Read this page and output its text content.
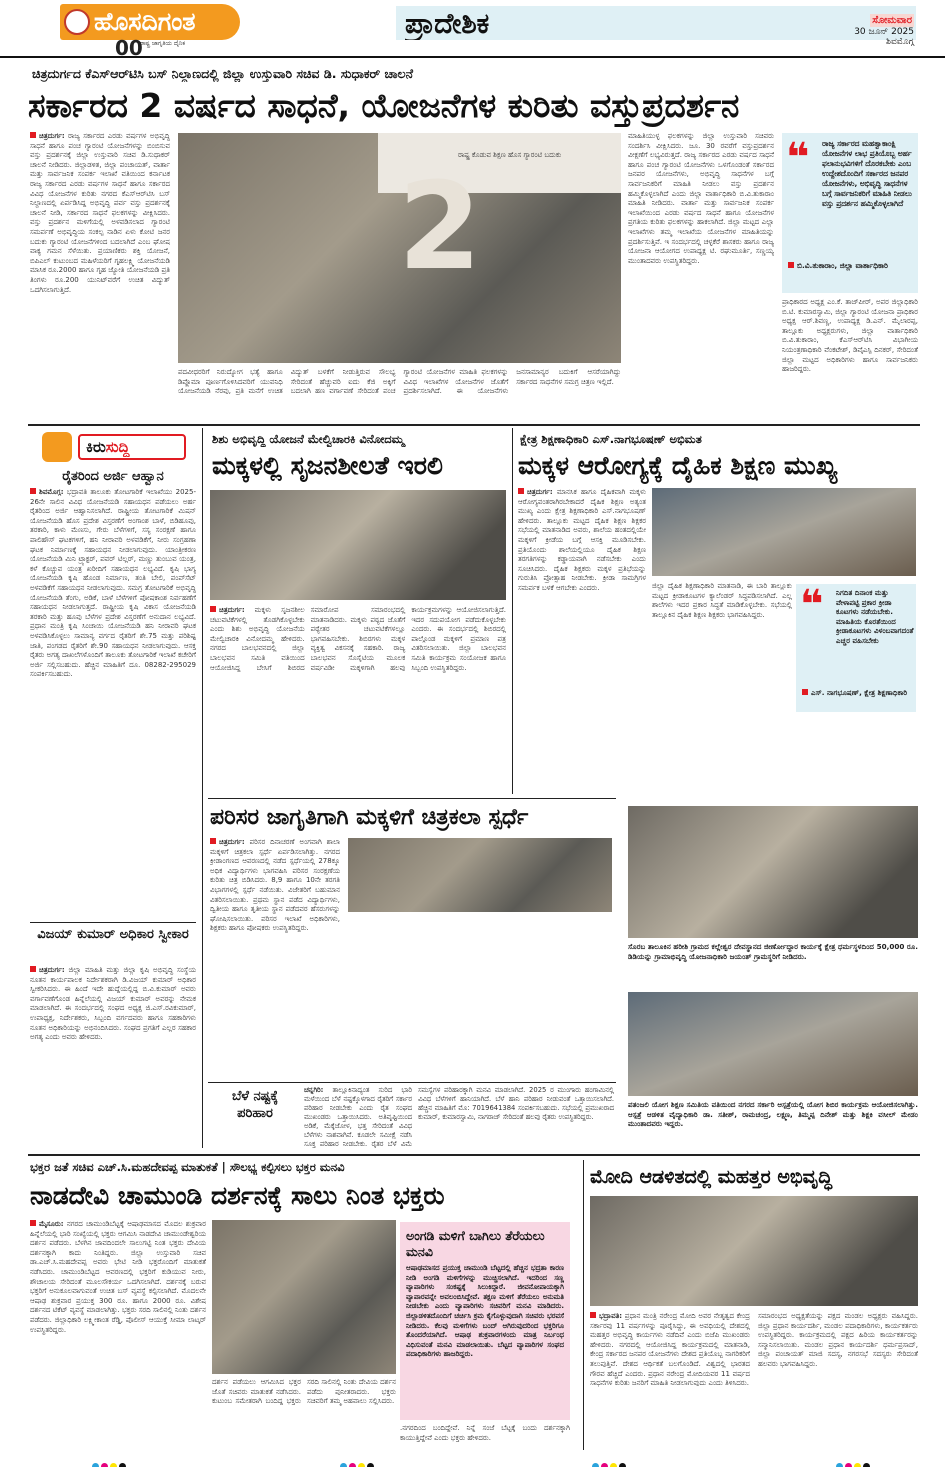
ಹೊಸದಿಗಂತ
ರಾಷ್ಟ್ರ ಜಾಗೃತಿಯ ದೈನಿಕ
00
ಪ್ರಾದೇಶಿಕ	ಸೋಮವಾರ
30 ಜೂನ್ 2025
ಶಿವಮೊಗ್ಗ
ಚಿತ್ರದುರ್ಗದ ಕೆಎಸ್‌ಆರ್‌ಟಿಸಿ ಬಸ್ ನಿಲ್ದಾಣದಲ್ಲಿ ಜಿಲ್ಲಾ ಉಸ್ತುವಾರಿ ಸಚಿವ ಡಿ. ಸುಧಾಕರ್ ಚಾಲನೆ
ಸರ್ಕಾರದ 2 ವರ್ಷದ ಸಾಧನೆ, ಯೋಜನೆಗಳ ಕುರಿತು ವಸ್ತುಪ್ರದರ್ಶನ
ಚಿತ್ರದುರ್ಗ: ರಾಜ್ಯ ಸರ್ಕಾರದ ಎರಡು ವರ್ಷಗಳ ಅಭಿವೃದ್ಧಿ ಸಾಧನೆ ಹಾಗೂ ಪಂಚ ಗ್ಯಾರಂಟಿ ಯೋಜನೆಗಳನ್ನು ಬಿಂಬಿಸುವ ವಸ್ತು ಪ್ರದರ್ಶನಕ್ಕೆ ಜಿಲ್ಲಾ ಉಸ್ತುವಾರಿ ಸಚಿವ ಡಿ.ಸುಧಾಕರ್ ಚಾಲನೆ ನೀಡಿದರು. ಜಿಲ್ಲಾಡಳಿತ, ಜಿಲ್ಲಾ ಪಂಚಾಯತ್, ವಾರ್ತಾ ಮತ್ತು ಸಾರ್ವಜನಿಕ ಸಂಪರ್ಕ ಇಲಾಖೆ ವತಿಯಿಂದ ಕರ್ನಾಟಕ ರಾಜ್ಯ ಸರ್ಕಾರದ ಎರಡು ವರ್ಷಗಳ ಸಾಧನೆ ಹಾಗೂ ಸರ್ಕಾರದ ವಿವಿಧ ಯೋಜನೆಗಳ ಕುರಿತು ನಗರದ ಕೆಎಸ್‌ಆರ್‌ಟಿಸಿ ಬಸ್ ನಿಲ್ದಾಣದಲ್ಲಿ ಏರ್ಪಡಿಸಿದ್ದ ಅಭಿವೃದ್ಧಿ ಪರ್ವ ವಸ್ತು ಪ್ರದರ್ಶನಕ್ಕೆ ಚಾಲನೆ ನೀಡಿ, ಸರ್ಕಾರದ ಸಾಧನೆ ಫಲಕಗಳನ್ನು ವೀಕ್ಷಿಸಿದರು. ವಸ್ತು ಪ್ರದರ್ಶನ ಮಳಿಗೆಯಲ್ಲಿ ಅಳವಡಿಸಲಾದ ಗ್ಯಾರಂಟಿ ಸಮರ್ಪಣೆ ಅಭಿವೃದ್ಧಿಯ ಸಂಕಲ್ಪ ನಾಡಿನ ಏಳು ಕೋಟಿ ಜನರ ಬದುಕು ಗ್ಯಾರಂಟಿ ಯೋಜನೆಗಳಿಂದ ಬದಲಾಗಿದೆ ಎಂಬ ಘೋಷ ವಾಕ್ಯ ಗಮನ ಸೆಳೆಯಿತು. ಪ್ರಯಾಣಿಕರು ಶಕ್ತಿ ಯೋಜನೆ, ಬಿಪಿಎಲ್ ಕುಟುಂಬದ ಮಹಿಳೆಯರಿಗೆ ಗೃಹಲಕ್ಷ್ಮಿ ಯೋಜನೆಯಡಿ ಮಾಸಿಕ ರೂ.2000 ಹಾಗೂ ಗೃಹ ಜ್ಯೋತಿ ಯೋಜನೆಯಡಿ ಪ್ರತಿ ತಿಂಗಳು ರೂ.200 ಯುನಿಟ್‌ವರೆಗೆ ಉಚಿತ ವಿದ್ಯುತ್ ಒದಗಿಸಲಾಗುತ್ತಿದೆ.
ರಾಷ್ಟ್ರ ಕೊಡುವ ಶಿಕ್ಷಣ ಹೊಸ ಗ್ಯಾರಂಟಿ ಬದುಕು
2
ಪದವೀಧರರಿಗೆ ನಿರುದ್ಯೋಗ ಭತ್ಯೆ ಹಾಗೂ ಡಿಪ್ಲೊಮಾ ಪೂರ್ಣಗೊಳಿಸಿದವರಿಗೆ ಯುವನಿಧಿ ಯೋಜನೆಯಡಿ ನೆರವು, ಪ್ರತಿ ಮನೆಗೆ ಉಚಿತ ವಿದ್ಯುತ್ ಬಳಕೆಗೆ ನೀಡುತ್ತಿರುವ ಸೌಲಭ್ಯ ಸೇರಿದಂತೆ ಹೆಚ್ಚುವರಿ ಐದು ಕೆಜಿ ಅಕ್ಕಿಗೆ ಬದಲಾಗಿ ಹಣ ವರ್ಗಾವಣೆ ಸೇರಿದಂತೆ ಪಂಚ ಗ್ಯಾರಂಟಿ ಯೋಜನೆಗಳ ಮಾಹಿತಿ ಫಲಕಗಳನ್ನು ವಿವಿಧ ಇಲಾಖೆಗಳ ಯೋಜನೆಗಳ ಜೊತೆಗೆ ಪ್ರದರ್ಶಿಸಲಾಗಿದೆ. ಈ ಯೋಜನೆಗಳು ಜನಸಾಮಾನ್ಯರ ಬದುಕಿಗೆ ಆಸರೆಯಾಗಿದ್ದು ಸರ್ಕಾರದ ಸಾಧನೆಗಳ ಸಮಗ್ರ ಚಿತ್ರಣ ಇಲ್ಲಿದೆ.
ಮಾಹಿತಿಯುಳ್ಳ ಫಲಕಗಳನ್ನು ಜಿಲ್ಲಾ ಉಸ್ತುವಾರಿ ಸಚಿವರು ಸಂದರ್ಶಿಸಿ ವೀಕ್ಷಿಸಿದರು. ಜೂ. 30 ರವರೆಗೆ ವಸ್ತುಪ್ರದರ್ಶನ ವೀಕ್ಷಣೆಗೆ ಲಭ್ಯವಿರುತ್ತದೆ. ರಾಜ್ಯ ಸರ್ಕಾರದ ಎರಡು ವರ್ಷದ ಸಾಧನೆ ಹಾಗೂ ಪಂಚ ಗ್ಯಾರಂಟಿ ಯೋಜನೆಗಳು ಒಳಗೊಂಡಂತೆ ಸರ್ಕಾರದ ಜನಪರ ಯೋಜನೆಗಳು, ಅಭಿವೃದ್ಧಿ ಸಾಧನೆಗಳ ಬಗ್ಗೆ ಸಾರ್ವಜನಿಕರಿಗೆ ಮಾಹಿತಿ ನೀಡಲು ವಸ್ತು ಪ್ರದರ್ಶನ ಹಮ್ಮಿಕೊಳ್ಳಲಾಗಿದೆ ಎಂದು ಜಿಲ್ಲಾ ವಾರ್ತಾಧಿಕಾರಿ ಬಿ.ವಿ.ತುಕಾರಾಂ ಮಾಹಿತಿ ನೀಡಿದರು. ವಾರ್ತಾ ಮತ್ತು ಸಾರ್ವಜನಿಕ ಸಂಪರ್ಕ ಇಲಾಖೆಯಿಂದ ಎರಡು ವರ್ಷದ ಸಾಧನೆ ಹಾಗೂ ಯೋಜನೆಗಳ ಪ್ರಗತಿಯ ಕುರಿತು ಫಲಕಗಳನ್ನು ಹಾಕಲಾಗಿದೆ. ಜಿಲ್ಲಾ ಮಟ್ಟದ ಎಲ್ಲಾ ಇಲಾಖೆಗಳು ತಮ್ಮ ಇಲಾಖೆಯ ಯೋಜನೆಗಳ ಮಾಹಿತಿಯನ್ನು ಪ್ರದರ್ಶಿಸುತ್ತಿವೆ. ಇ ಸಂದರ್ಭದಲ್ಲಿ ಚಳ್ಳಕೆರೆ ಶಾಸಕರು ಹಾಗೂ ರಾಜ್ಯ ಯೋಜನಾ ಆಯೋಗದ ಉಪಾಧ್ಯಕ್ಷ ಟಿ. ರಘುಮೂರ್ತಿ, ಸಣ್ಣಯ್ಯ ಮುಂತಾದವರು ಉಪಸ್ಥಿತರಿದ್ದರು.
❝ ರಾಜ್ಯ ಸರ್ಕಾರದ ಮಹತ್ವಾಕಾಂಕ್ಷಿ ಯೋಜನೆಗಳ ಲಾಭ ಪ್ರತಿಯೊಬ್ಬ ಅರ್ಹ ಫಲಾನುಭವಿಗಳಿಗೆ ದೊರಕಬೇಕು ಎಂಬ ಉದ್ದೇಶದೊಂದಿಗೆ ಸರ್ಕಾರದ ಜನಪರ ಯೋಜನೆಗಳು, ಅಭಿವೃದ್ಧಿ ಸಾಧನೆಗಳ ಬಗ್ಗೆ ಸಾರ್ವಜನಿಕರಿಗೆ ಮಾಹಿತಿ ನೀಡಲು ವಸ್ತು ಪ್ರದರ್ಶನ ಹಮ್ಮಿಕೊಳ್ಳಲಾಗಿದೆ
ಬಿ.ವಿ.ತುಕಾರಾಂ, ಜಿಲ್ಲಾ ವಾರ್ತಾಧಿಕಾರಿ
ಪ್ರಾಧಿಕಾರದ ಅಧ್ಯಕ್ಷ ಎಂ.ಕೆ. ತಾಜ್‌ಪೀರ್, ಅಪರ ಜಿಲ್ಲಾಧಿಕಾರಿ ಬಿ.ಟಿ. ಕುಮಾರಸ್ವಾಮಿ, ಜಿಲ್ಲಾ ಗ್ಯಾರಂಟಿ ಯೋಜನಾ ಪ್ರಾಧಿಕಾರ ಅಧ್ಯಕ್ಷ ಆರ್.ಶಿವಣ್ಣ, ಉಪಾಧ್ಯಕ್ಷ ಡಿ.ಎನ್. ಮೈಲಾರಪ್ಪ, ತಾಲ್ಲೂಕು ಅಧ್ಯಕ್ಷರುಗಳು, ಜಿಲ್ಲಾ ವಾರ್ತಾಧಿಕಾರಿ ಬಿ.ವಿ.ತುಕಾರಾಂ, ಕೆಎಸ್‌ಆರ್‌ಟಿಸಿ ವಿಭಾಗೀಯ ನಿಯಂತ್ರಣಾಧಿಕಾರಿ ವೆಂಕಟೇಶ್, ಡಿವೈಎಸ್ಪಿ ದಿನಕರ್, ಸೇರಿದಂತೆ ಜಿಲ್ಲಾ ಮಟ್ಟದ ಅಧಿಕಾರಿಗಳು ಹಾಗೂ ಸಾರ್ವಜನಿಕರು ಹಾಜರಿದ್ದರು.
ಕಿರುಸುದ್ದಿ
ರೈತರಿಂದ ಅರ್ಜಿ ಆಹ್ವಾನ
ಶಿವಮೊಗ್ಗ: ಭದ್ರಾವತಿ ತಾಲೂಕು ತೋಟಗಾರಿಕೆ ಇಲಾಖೆಯು 2025-26ನೇ ಸಾಲಿನ ವಿವಿಧ ಯೋಜನೆಯಡಿ ಸಹಾಯಧನ ಪಡೆಯಲು ಅರ್ಹ ರೈತರಿಂದ ಅರ್ಜಿ ಆಹ್ವಾನಿಸಲಾಗಿದೆ. ರಾಷ್ಟ್ರೀಯ ತೋಟಗಾರಿಕೆ ಮಿಷನ್ ಯೋಜನೆಯಡಿ ಹೊಸ ಪ್ರದೇಶ ವಿಸ್ತರಣೆಗೆ ಅಂಗಾಂಶ ಬಾಳೆ, ಬಿಡಿಹೂವು, ತರಕಾರಿ, ಕಾಳು ಮೆಣಸು, ಗೇರು ಬೆಳೆಗಳಿಗೆ, ಸಸ್ಯ ಸಂರಕ್ಷಣೆ ಹಾಗೂ ಪಾಲಿಹೌಸ್ ಘಟಕಗಳಿಗೆ, ಹನಿ ನೀರಾವರಿ ಅಳವಡಿಕೆಗೆ, ನೀರು ಸಂಗ್ರಹಣಾ ಘಟಕ ನಿರ್ಮಾಣಕ್ಕೆ ಸಹಾಯಧನ ನೀಡಲಾಗುವುದು. ಯಾಂತ್ರೀಕರಣ ಯೋಜನೆಯಡಿ ಮಿನಿ ಟ್ರ್ಯಾಕ್ಟರ್, ಪವರ್ ಟಿಲ್ಲರ್, ಮಣ್ಣು ತುಂಬುವ ಯಂತ್ರ, ಕಳೆ ಕೊಚ್ಚುವ ಯಂತ್ರ ಖರೀದಿಗೆ ಸಹಾಯಧನ ಲಭ್ಯವಿದೆ. ಕೃಷಿ ಭಾಗ್ಯ ಯೋಜನೆಯಡಿ ಕೃಷಿ ಹೊಂಡ ನಿರ್ಮಾಣ, ತಂತಿ ಬೇಲಿ, ಪಂಪ್‌ಸೆಟ್ ಅಳವಡಿಕೆಗೆ ಸಹಾಯಧನ ನೀಡಲಾಗುವುದು. ಸಮಗ್ರ ತೋಟಗಾರಿಕೆ ಅಭಿವೃದ್ಧಿ ಯೋಜನೆಯಡಿ ತೆಂಗು, ಅಡಿಕೆ, ಬಾಳೆ ಬೆಳೆಗಳಿಗೆ ಪೋಷಕಾಂಶ ನಿರ್ವಹಣೆಗೆ ಸಹಾಯಧನ ನೀಡಲಾಗುತ್ತದೆ. ರಾಷ್ಟ್ರೀಯ ಕೃಷಿ ವಿಕಾಸ ಯೋಜನೆಯಡಿ ತರಕಾರಿ ಮತ್ತು ಹೂವು ಬೆಳೆಗಳ ಪ್ರದೇಶ ವಿಸ್ತರಣೆಗೆ ಅನುದಾನ ಲಭ್ಯವಿದೆ. ಪ್ರಧಾನ ಮಂತ್ರಿ ಕೃಷಿ ಸಿಂಚಾಯಿ ಯೋಜನೆಯಡಿ ಹನಿ ನೀರಾವರಿ ಘಟಕ ಅಳವಡಿಸಿಕೊಳ್ಳಲು ಸಾಮಾನ್ಯ ವರ್ಗದ ರೈತರಿಗೆ ಶೇ.75 ಮತ್ತು ಪರಿಶಿಷ್ಟ ಜಾತಿ, ಪಂಗಡದ ರೈತರಿಗೆ ಶೇ.90 ಸಹಾಯಧನ ನೀಡಲಾಗುವುದು. ಆಸಕ್ತ ರೈತರು ಅಗತ್ಯ ದಾಖಲೆಗಳೊಂದಿಗೆ ತಾಲೂಕು ತೋಟಗಾರಿಕೆ ಇಲಾಖೆ ಕಚೇರಿಗೆ ಅರ್ಜಿ ಸಲ್ಲಿಸಬಹುದು. ಹೆಚ್ಚಿನ ಮಾಹಿತಿಗೆ ದೂ. 08282-295029 ಸಂಪರ್ಕಿಸಬಹುದು.
ವಿಜಯ್ ಕುಮಾರ್ ಅಧಿಕಾರ ಸ್ವೀಕಾರ
ಚಿತ್ರದುರ್ಗ: ಜಿಲ್ಲಾ ಮಾಹಿತಿ ಮತ್ತು ಜಿಲ್ಲಾ ಕೃಷಿ ಅಭಿವೃದ್ಧಿ ಸಂಸ್ಥೆಯ ನೂತನ ಕಾರ್ಯಪಾಲಕ ನಿರ್ದೇಶಕರಾಗಿ ಡಿ.ವಿಜಯ್ ಕುಮಾರ್ ಅಧಿಕಾರ ಸ್ವೀಕರಿಸಿದರು. ಈ ಹಿಂದೆ ಇದೇ ಹುದ್ದೆಯಲ್ಲಿದ್ದ ಬಿ.ವಿ.ಕುಮಾರ್ ಅವರು ವರ್ಗಾವಣೆಗೊಂಡ ಹಿನ್ನೆಲೆಯಲ್ಲಿ ವಿಜಯ್ ಕುಮಾರ್ ಅವರನ್ನು ನೇಮಕ ಮಾಡಲಾಗಿದೆ. ಈ ಸಂದರ್ಭದಲ್ಲಿ ಸಂಘದ ಅಧ್ಯಕ್ಷ ಜಿ.ಎಸ್.ರವಿಕುಮಾರ್, ಉಪಾಧ್ಯಕ್ಷ, ನಿರ್ದೇಶಕರು, ಸಿಬ್ಬಂದಿ ವರ್ಗದವರು ಹಾಗೂ ಸಹಕಾರಿಗಳು ನೂತನ ಅಧಿಕಾರಿಯನ್ನು ಅಭಿನಂದಿಸಿದರು. ಸಂಘದ ಪ್ರಗತಿಗೆ ಎಲ್ಲರ ಸಹಕಾರ ಅಗತ್ಯ ಎಂದು ಅವರು ಹೇಳಿದರು.
ಶಿಶು ಅಭಿವೃದ್ಧಿ ಯೋಜನೆ ಮೇಲ್ವಿಚಾರಕಿ ವಿನೋದಮ್ಮ
ಮಕ್ಕಳಲ್ಲಿ ಸೃಜನಶೀಲತೆ ಇರಲಿ
ಚಿತ್ರದುರ್ಗ: ಮಕ್ಕಳು ಸೃಜನಶೀಲ ಚಟುವಟಿಕೆಗಳಲ್ಲಿ ತೊಡಗಿಕೊಳ್ಳಬೇಕು ಎಂದು ಶಿಶು ಅಭಿವೃದ್ಧಿ ಯೋಜನೆಯ ಮೇಲ್ವಿಚಾರಕಿ ವಿನೋದಮ್ಮ ಹೇಳಿದರು. ನಗರದ ಬಾಲಭವನದಲ್ಲಿ ಜಿಲ್ಲಾ ಬಾಲಭವನ ಸಮಿತಿ ವತಿಯಿಂದ ಆಯೋಜಿಸಿದ್ದ ಬೇಸಿಗೆ ಶಿಬಿರದ ಸಮಾರೋಪ ಸಮಾರಂಭದಲ್ಲಿ ಮಾತನಾಡಿದರು. ಮಕ್ಕಳು ಪಠ್ಯದ ಜೊತೆಗೆ ಪಠ್ಯೇತರ ಚಟುವಟಿಕೆಗಳಲ್ಲೂ ಭಾಗವಹಿಸಬೇಕು. ಶಿಬಿರಗಳು ಮಕ್ಕಳ ವ್ಯಕ್ತಿತ್ವ ವಿಕಸನಕ್ಕೆ ಸಹಕಾರಿ. ರಾಜ್ಯ ಬಾಲಭವನ ಸೊಸೈಟಿಯ ಮೂಲಕ ವರ್ಷವಿಡೀ ಮಕ್ಕಳಿಗಾಗಿ ಹಲವು ಕಾರ್ಯಕ್ರಮಗಳನ್ನು ಆಯೋಜಿಸಲಾಗುತ್ತಿದೆ. ಇದರ ಸದುಪಯೋಗ ಪಡೆದುಕೊಳ್ಳಬೇಕು ಎಂದರು. ಈ ಸಂದರ್ಭದಲ್ಲಿ ಶಿಬಿರದಲ್ಲಿ ಪಾಲ್ಗೊಂಡ ಮಕ್ಕಳಿಗೆ ಪ್ರಮಾಣ ಪತ್ರ ವಿತರಿಸಲಾಯಿತು. ಜಿಲ್ಲಾ ಬಾಲಭವನ ಸಮಿತಿ ಕಾರ್ಯಕ್ರಮ ಸಂಯೋಜಕ ಹಾಗೂ ಸಿಬ್ಬಂದಿ ಉಪಸ್ಥಿತರಿದ್ದರು.
ಕ್ಷೇತ್ರ ಶಿಕ್ಷಣಾಧಿಕಾರಿ ಎಸ್.ನಾಗಭೂಷಣ್ ಅಭಿಮತ
ಮಕ್ಕಳ ಆರೋಗ್ಯಕ್ಕೆ ದೈಹಿಕ ಶಿಕ್ಷಣ ಮುಖ್ಯ
ಚಿತ್ರದುರ್ಗ: ಮಾನಸಿಕ ಹಾಗೂ ದೈಹಿಕವಾಗಿ ಮಕ್ಕಳು ಆರೋಗ್ಯವಂತರಾಗಿರಬೇಕಾದರೆ ದೈಹಿಕ ಶಿಕ್ಷಣ ಅತ್ಯಂತ ಮುಖ್ಯ ಎಂದು ಕ್ಷೇತ್ರ ಶಿಕ್ಷಣಾಧಿಕಾರಿ ಎಸ್.ನಾಗಭೂಷಣ್ ಹೇಳಿದರು. ತಾಲ್ಲೂಕು ಮಟ್ಟದ ದೈಹಿಕ ಶಿಕ್ಷಣ ಶಿಕ್ಷಕರ ಸಭೆಯಲ್ಲಿ ಮಾತನಾಡಿದ ಅವರು, ಶಾಲೆಯ ಹಂತದಲ್ಲಿಯೇ ಮಕ್ಕಳಿಗೆ ಕ್ರೀಡೆಯ ಬಗ್ಗೆ ಆಸಕ್ತಿ ಮೂಡಿಸಬೇಕು. ಪ್ರತಿಯೊಂದು ಶಾಲೆಯಲ್ಲಿಯೂ ದೈಹಿಕ ಶಿಕ್ಷಣ ತರಗತಿಗಳನ್ನು ಕಡ್ಡಾಯವಾಗಿ ನಡೆಸಬೇಕು ಎಂದು ಸೂಚಿಸಿದರು. ದೈಹಿಕ ಶಿಕ್ಷಕರು ಮಕ್ಕಳ ಪ್ರತಿಭೆಯನ್ನು ಗುರುತಿಸಿ ಪ್ರೋತ್ಸಾಹ ನೀಡಬೇಕು. ಕ್ರೀಡಾ ಸಾಮಗ್ರಿಗಳ ಸಮರ್ಪಕ ಬಳಕೆ ಆಗಬೇಕು ಎಂದರು.	ಜಿಲ್ಲಾ ದೈಹಿಕ ಶಿಕ್ಷಣಾಧಿಕಾರಿ ಮಾತನಾಡಿ, ಈ ಬಾರಿ ತಾಲ್ಲೂಕು ಮಟ್ಟದ ಕ್ರೀಡಾಕೂಟಗಳ ಕ್ಯಾಲೆಂಡರ್ ಸಿದ್ಧಪಡಿಸಲಾಗಿದೆ. ಎಲ್ಲ ಶಾಲೆಗಳು ಇದರ ಪ್ರಕಾರ ಸಿದ್ಧತೆ ಮಾಡಿಕೊಳ್ಳಬೇಕು. ಸಭೆಯಲ್ಲಿ ತಾಲ್ಲೂಕಿನ ದೈಹಿಕ ಶಿಕ್ಷಣ ಶಿಕ್ಷಕರು ಭಾಗವಹಿಸಿದ್ದರು. ❝ ನಿಗದಿತ ದಿನಾಂಕ ಮತ್ತು ವೇಳಾಪಟ್ಟಿ ಪ್ರಕಾರ ಕ್ರೀಡಾ ಕೂಟಗಳು ನಡೆಯಬೇಕು. ಮಾಹಿತಿಯ ಕೊರತೆಯಿಂದ ಕ್ರೀಡಾಕೂಟಗಳು ವಿಳಂಬವಾಗದಂತೆ ಎಚ್ಚರ ವಹಿಸಬೇಕು
ಎಸ್. ನಾಗಭೂಷಣ್, ಕ್ಷೇತ್ರ ಶಿಕ್ಷಣಾಧಿಕಾರಿ
ಪರಿಸರ ಜಾಗೃತಿಗಾಗಿ ಮಕ್ಕಳಿಗೆ ಚಿತ್ರಕಲಾ ಸ್ಪರ್ಧೆ
ಚಿತ್ರದುರ್ಗ: ಪರಿಸರ ದಿನಾಚರಣೆ ಅಂಗವಾಗಿ ಶಾಲಾ ಮಕ್ಕಳಿಗೆ ಚಿತ್ರಕಲಾ ಸ್ಪರ್ಧೆ ಏರ್ಪಡಿಸಲಾಗಿತ್ತು. ನಗರದ ಕ್ರೀಡಾಂಗಣದ ಆವರಣದಲ್ಲಿ ನಡೆದ ಸ್ಪರ್ಧೆಯಲ್ಲಿ 278ಕ್ಕೂ ಅಧಿಕ ವಿದ್ಯಾರ್ಥಿಗಳು ಭಾಗವಹಿಸಿ ಪರಿಸರ ಸಂರಕ್ಷಣೆಯ ಕುರಿತು ಚಿತ್ರ ಬಿಡಿಸಿದರು. 8,9 ಹಾಗೂ 10ನೇ ತರಗತಿ ವಿಭಾಗಗಳಲ್ಲಿ ಸ್ಪರ್ಧೆ ನಡೆಯಿತು. ವಿಜೇತರಿಗೆ ಬಹುಮಾನ ವಿತರಿಸಲಾಯಿತು. ಪ್ರಥಮ ಸ್ಥಾನ ಪಡೆದ ವಿದ್ಯಾರ್ಥಿಗಳು, ದ್ವಿತೀಯ ಹಾಗೂ ತೃತೀಯ ಸ್ಥಾನ ಪಡೆದವರ ಹೆಸರುಗಳನ್ನು ಘೋಷಿಸಲಾಯಿತು. ಪರಿಸರ ಇಲಾಖೆ ಅಧಿಕಾರಿಗಳು, ಶಿಕ್ಷಕರು ಹಾಗೂ ಪೋಷಕರು ಉಪಸ್ಥಿತರಿದ್ದರು.
ಸೊರಬ ತಾಲೂಕಿನ ಹರೀಶಿ ಗ್ರಾಮದ ಕಲ್ಲೇಶ್ವರ ದೇವಸ್ಥಾನದ ಜೀರ್ಣೋದ್ಧಾರ ಕಾರ್ಯಕ್ಕೆ ಕ್ಷೇತ್ರ ಧರ್ಮಸ್ಥಳದಿಂದ 50,000 ರೂ. ಡಿಡಿಯನ್ನು ಗ್ರಾಮಾಭಿವೃದ್ಧಿ ಯೋಜನಾಧಿಕಾರಿ ಜಯಂತ್ ಗ್ರಾಮಸ್ಥರಿಗೆ ನೀಡಿದರು.
ಬೆಳೆ ನಷ್ಟಕ್ಕೆ
ಪರಿಹಾರ
ಚನ್ನಗಿರಿ: ತಾಲ್ಲೂಕಿನಾದ್ಯಂತ ಸುರಿದ ಭಾರಿ ಮಳೆಯಿಂದ ಬೆಳೆ ನಷ್ಟಕ್ಕೊಳಗಾದ ರೈತರಿಗೆ ಸರ್ಕಾರ ಪರಿಹಾರ ನೀಡಬೇಕು ಎಂದು ರೈತ ಸಂಘದ ಮುಖಂಡರು ಒತ್ತಾಯಿಸಿದರು. ಅತಿವೃಷ್ಟಿಯಿಂದ ಅಡಿಕೆ, ಮೆಕ್ಕೆಜೋಳ, ಭತ್ತ ಸೇರಿದಂತೆ ವಿವಿಧ ಬೆಳೆಗಳು ನಾಶವಾಗಿವೆ. ಕೂಡಲೇ ಸಮೀಕ್ಷೆ ನಡೆಸಿ ಸೂಕ್ತ ಪರಿಹಾರ ನೀಡಬೇಕು. ರೈತರ ಬೆಳೆ ವಿಮೆ
ಸಮಸ್ಯೆಗಳ ಪರಿಹಾರಕ್ಕಾಗಿ ಮನವಿ ಮಾಡಲಾಗಿದೆ. 2025 ರ ಮುಂಗಾರು ಹಂಗಾಮಿನಲ್ಲಿ ವಿವಿಧ ಬೆಳೆಗಳಿಗೆ ಹಾನಿಯಾಗಿದೆ. ಬೆಳೆ ಹಾನಿ ಪರಿಹಾರ ನೀಡುವಂತೆ ಒತ್ತಾಯಿಸಲಾಗಿದೆ. ಹೆಚ್ಚಿನ ಮಾಹಿತಿಗೆ ಮೊ: 7019641384 ಸಂಪರ್ಕಿಸಬಹುದು. ಸಭೆಯಲ್ಲಿ ಪ್ರಮುಖರಾದ ಕುಮಾರ್, ಕುಮಾರಸ್ವಾಮಿ, ನಾಗರಾಜ್ ಸೇರಿದಂತೆ ಹಲವು ರೈತರು ಉಪಸ್ಥಿತರಿದ್ದರು.
ಪತಂಜಲಿ ಯೋಗ ಶಿಕ್ಷಣ ಸಮಿತಿಯ ವತಿಯಿಂದ ನಗರದ ಸರ್ಕಾರಿ ಆಸ್ಪತ್ರೆಯಲ್ಲಿ ಯೋಗ ಶಿಬಿರ ಕಾರ್ಯಕ್ರಮ ಆಯೋಜಿಸಲಾಗಿತ್ತು. ಆಸ್ಪತ್ರೆ ಆಡಳಿತ ವೈದ್ಯಾಧಿಕಾರಿ ಡಾ. ಸತೀಶ್, ರಾಮಚಂದ್ರ, ಲಕ್ಷ್ಮಣ, ತಿಮ್ಮಪ್ಪ ದಿನೇಶ್ ಮತ್ತು ಶಿಕ್ಷಕಿ ವಸೀಲ್ ಮೇಡಂ ಮುಂತಾದವರು ಇದ್ದರು.
ಭಕ್ತರ ಜತೆ ಸಚಿವ ಎಚ್.ಸಿ.ಮಹದೇವಪ್ಪ ಮಾತುಕತೆ | ಸೌಲಭ್ಯ ಕಲ್ಪಿಸಲು ಭಕ್ತರ ಮನವಿ
ನಾಡದೇವಿ ಚಾಮುಂಡಿ ದರ್ಶನಕ್ಕೆ ಸಾಲು ನಿಂತ ಭಕ್ತರು
ಮೈಸೂರು: ನಗರದ ಚಾಮುಂಡಿಬೆಟ್ಟಕ್ಕೆ ಆಷಾಢಮಾಸದ ಮೊದಲ ಶುಕ್ರವಾರ ಹಿನ್ನೆಲೆಯಲ್ಲಿ ಭಾರಿ ಸಂಖ್ಯೆಯಲ್ಲಿ ಭಕ್ತರು ಆಗಮಿಸಿ ನಾಡದೇವಿ ಚಾಮುಂಡೇಶ್ವರಿಯ ದರ್ಶನ ಪಡೆದರು. ಬೆಳಗಿನ ಜಾವದಿಂದಲೇ ಸಾಲುಗಟ್ಟಿ ನಿಂತ ಭಕ್ತರು ದೇವಿಯ ದರ್ಶನಕ್ಕಾಗಿ ಕಾದು ನಿಂತಿದ್ದರು. ಜಿಲ್ಲಾ ಉಸ್ತುವಾರಿ ಸಚಿವ ಡಾ.ಎಚ್.ಸಿ.ಮಹದೇವಪ್ಪ ಅವರು ಭೇಟಿ ನೀಡಿ ಭಕ್ತರೊಂದಿಗೆ ಮಾತುಕತೆ ನಡೆಸಿದರು. ಚಾಮುಂಡಿಬೆಟ್ಟದ ಆವರಣದಲ್ಲಿ ಭಕ್ತರಿಗೆ ಕುಡಿಯುವ ನೀರು, ಶೌಚಾಲಯ ಸೇರಿದಂತೆ ಮೂಲಸೌಕರ್ಯ ಒದಗಿಸಲಾಗಿದೆ. ದರ್ಶನಕ್ಕೆ ಬರುವ ಭಕ್ತರಿಗೆ ಅನುಕೂಲವಾಗುವಂತೆ ಉಚಿತ ಬಸ್ ವ್ಯವಸ್ಥೆ ಕಲ್ಪಿಸಲಾಗಿದೆ. ಮೊದಲನೇ ಆಷಾಢ ಶುಕ್ರವಾರ ಪ್ರಯುಕ್ತ 300 ರೂ. ಹಾಗೂ 2000 ರೂ. ವಿಶೇಷ ದರ್ಶನದ ಟಿಕೆಟ್ ವ್ಯವಸ್ಥೆ ಮಾಡಲಾಗಿತ್ತು. ಭಕ್ತರು ಸರದಿ ಸಾಲಿನಲ್ಲಿ ನಿಂತು ದರ್ಶನ ಪಡೆದರು. ಜಿಲ್ಲಾಧಿಕಾರಿ ಲಕ್ಷ್ಮೀಕಾಂತ ರೆಡ್ಡಿ, ಪೊಲೀಸ್ ಆಯುಕ್ತೆ ಸೀಮಾ ಲಾಟ್ಕರ್ ಉಪಸ್ಥಿತರಿದ್ದರು.
ದರ್ಶನ ಪಡೆಯಲು ಆಗಮಿಸಿದ ಭಕ್ತರ ಜೊತೆ ಸಚಿವರು ಮಾತುಕತೆ ನಡೆಸಿದರು. ಕುಟುಂಬ ಸಮೇತರಾಗಿ ಬಂದಿದ್ದ ಭಕ್ತರು ಸರದಿ ಸಾಲಿನಲ್ಲಿ ನಿಂತು ದೇವಿಯ ದರ್ಶನ ಪಡೆದು ಪುನೀತರಾದರು. ಭಕ್ತರು ಸಚಿವರಿಗೆ ತಮ್ಮ ಅಹವಾಲು ಸಲ್ಲಿಸಿದರು.
ಅಂಗಡಿ ಮಳಿಗೆ ಬಾಗಿಲು ತೆರೆಯಲು ಮನವಿ
ಆಷಾಢಮಾಸದ ಪ್ರಯುಕ್ತ ಚಾಮುಂಡಿ ಬೆಟ್ಟದಲ್ಲಿ ಹೆಚ್ಚಿನ ಭದ್ರತಾ ಕಾರಣ ನೀಡಿ ಅಂಗಡಿ ಮಳಿಗೆಗಳನ್ನು ಮುಚ್ಚಿಸಲಾಗಿದೆ. ಇದರಿಂದ ಸಣ್ಣ ವ್ಯಾಪಾರಿಗಳು ಸಂಕಷ್ಟಕ್ಕೆ ಸಿಲುಕಿದ್ದಾರೆ. ಜೀವನೋಪಾಯಕ್ಕಾಗಿ ವ್ಯಾಪಾರವನ್ನೇ ಅವಲಂಬಿಸಿದ್ದೇವೆ. ತಕ್ಷಣ ಮಳಿಗೆ ತೆರೆಯಲು ಅನುಮತಿ ನೀಡಬೇಕು ಎಂದು ವ್ಯಾಪಾರಿಗಳು ಸಚಿವರಿಗೆ ಮನವಿ ಮಾಡಿದರು. ಜಿಲ್ಲಾಡಳಿತದೊಂದಿಗೆ ಚರ್ಚಿಸಿ ಕ್ರಮ ಕೈಗೊಳ್ಳುವುದಾಗಿ ಸಚಿವರು ಭರವಸೆ ನೀಡಿದರು. ಕೆಲವು ಮಳಿಗೆಗಳು ಬಂದ್ ಆಗಿರುವುದರಿಂದ ಭಕ್ತರಿಗೂ ತೊಂದರೆಯಾಗಿದೆ. ಆಷಾಢ ಶುಕ್ರವಾರಗಳಂದು ಮಾತ್ರ ನಿರ್ಬಂಧ ವಿಧಿಸುವಂತೆ ಮನವಿ ಮಾಡಲಾಯಿತು. ಬೆಟ್ಟದ ವ್ಯಾಪಾರಿಗಳ ಸಂಘದ ಪದಾಧಿಕಾರಿಗಳು ಹಾಜರಿದ್ದರು.
.ನಗರದಿಂದ ಬಂದಿದ್ದೇವೆ. ನಿನ್ನೆ ಸಂಜೆ ಬೆಟ್ಟಕ್ಕೆ ಬಂದು ದರ್ಶನಕ್ಕಾಗಿ ಕಾಯುತ್ತಿದ್ದೇವೆ ಎಂದು ಭಕ್ತರು ಹೇಳಿದರು.
ಮೋದಿ ಆಡಳಿತದಲ್ಲಿ ಮಹತ್ತರ ಅಭಿವೃದ್ಧಿ
ಭದ್ರಾವತಿ: ಪ್ರಧಾನ ಮಂತ್ರಿ ನರೇಂದ್ರ ಮೋದಿ ಅವರ ನೇತೃತ್ವದ ಕೇಂದ್ರ ಸರ್ಕಾರವು 11 ವರ್ಷಗಳನ್ನು ಪೂರೈಸಿದ್ದು, ಈ ಅವಧಿಯಲ್ಲಿ ದೇಶದಲ್ಲಿ ಮಹತ್ತರ ಅಭಿವೃದ್ಧಿ ಕಾರ್ಯಗಳು ನಡೆದಿವೆ ಎಂದು ಬಿಜೆಪಿ ಮುಖಂಡರು ಹೇಳಿದರು. ನಗರದಲ್ಲಿ ಆಯೋಜಿಸಿದ್ದ ಕಾರ್ಯಕ್ರಮದಲ್ಲಿ ಮಾತನಾಡಿ, ಕೇಂದ್ರ ಸರ್ಕಾರದ ಜನಪರ ಯೋಜನೆಗಳು ದೇಶದ ಪ್ರತಿಯೊಬ್ಬ ನಾಗರಿಕರಿಗೆ ತಲುಪುತ್ತಿವೆ. ದೇಶದ ಆರ್ಥಿಕತೆ ಬಲಗೊಂಡಿದೆ. ವಿಶ್ವದಲ್ಲಿ ಭಾರತದ ಗೌರವ ಹೆಚ್ಚಿದೆ ಎಂದರು. ಪ್ರಧಾನ ನರೇಂದ್ರ ಮೋದಿಯವರ 11 ವರ್ಷದ ಸಾಧನೆಗಳ ಕುರಿತು ಜನರಿಗೆ ಮಾಹಿತಿ ನೀಡಲಾಗುವುದು ಎಂದು ತಿಳಿಸಿದರು.
ಸಮಾರಂಭದ ಅಧ್ಯಕ್ಷತೆಯನ್ನು ಪಕ್ಷದ ಮಂಡಲ ಅಧ್ಯಕ್ಷರು ವಹಿಸಿದ್ದರು. ಜಿಲ್ಲಾ ಪ್ರಧಾನ ಕಾರ್ಯದರ್ಶಿ, ಮಂಡಲ ಪದಾಧಿಕಾರಿಗಳು, ಕಾರ್ಯಕರ್ತರು ಉಪಸ್ಥಿತರಿದ್ದರು. ಕಾರ್ಯಕ್ರಮದಲ್ಲಿ ಪಕ್ಷದ ಹಿರಿಯ ಕಾರ್ಯಕರ್ತರನ್ನು ಸನ್ಮಾನಿಸಲಾಯಿತು. ಮಂಡಲ ಪ್ರಧಾನ ಕಾರ್ಯದರ್ಶಿ ಧರ್ಮಪ್ರಸಾದ್, ಜಿಲ್ಲಾ ಪಂಚಾಯತ್ ಮಾಜಿ ಸದಸ್ಯ, ನಗರಸಭೆ ಸದಸ್ಯರು ಸೇರಿದಂತೆ ಹಲವರು ಭಾಗವಹಿಸಿದ್ದರು.
